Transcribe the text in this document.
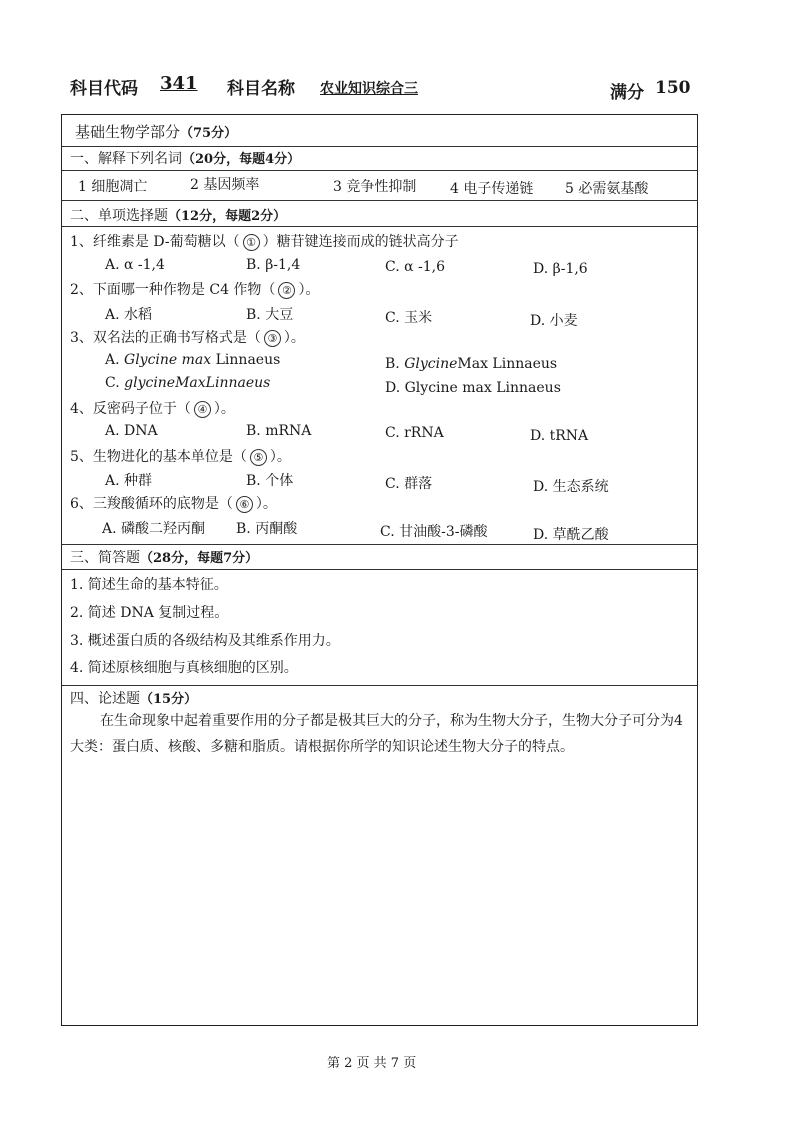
科目代码 341 科目名称 农业知识综合三	满分 150
基础生物学部分（75分）
一、解释下列名词（20分，每题4分）
1 细胞凋亡	2 基因频率	3 竞争性抑制 4 电子传递链 5 必需氨基酸
二、单项选择题（12分，每题2分）
1、纤维素是 D-葡萄糖以（ ① ）糖苷键连接而成的链状高分子
A. α -1,4	B. β-1,4	C. α -1,6	D. β-1,6
2、下面哪一种作物是 C4 作物（ ② ）。
A. 水稻	B. 大豆	C. 玉米	D. 小麦
3、双名法的正确书写格式是（ ③ ）。
A. Glycine max Linnaeus	B. GlycineMax Linnaeus
C. glycineMaxLinnaeus	D. Glycine max Linnaeus
4、反密码子位于（ ④ ）。
A. DNA	B. mRNA	C. rRNA	D. tRNA
5、生物进化的基本单位是（ ⑤ ）。
A. 种群	B. 个体	C. 群落	D. 生态系统
6、三羧酸循环的底物是（ ⑥ ）。
A. 磷酸二羟丙酮 B. 丙酮酸	C. 甘油酸-3-磷酸	D. 草酰乙酸
三、简答题（28分，每题7分）
1. 简述生命的基本特征。
2. 简述 DNA 复制过程。
3. 概述蛋白质的各级结构及其维系作用力。
4. 简述原核细胞与真核细胞的区别。
四、论述题（15分）
在生命现象中起着重要作用的分子都是极其巨大的分子，称为生物大分子，生物大分子可分为4大类：蛋白质、核酸、多糖和脂质。请根据你所学的知识论述生物大分子的特点。
第 2 页 共 7 页
